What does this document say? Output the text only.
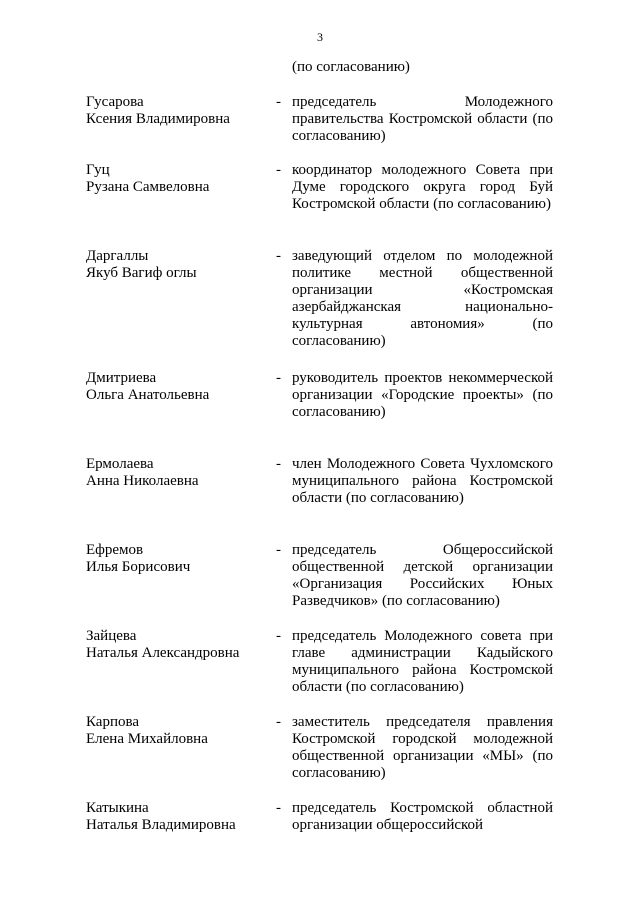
3
(по согласованию)
Гусарова
Ксения Владимировна
- председатель Молодежного правительства Костромской области (по согласованию)
Гуц
Рузана Самвеловна
- координатор молодежного Совета при Думе городского округа город Буй Костромской области (по согласованию)
Даргаллы
Якуб Вагиф оглы
- заведующий отделом по молодежной политике местной общественной организации «Костромская азербайджанская национально-культурная автономия» (по согласованию)
Дмитриева
Ольга Анатольевна
- руководитель проектов некоммерческой организации «Городские проекты» (по согласованию)
Ермолаева
Анна Николаевна
- член Молодежного Совета Чухломского муниципального района Костромской области (по согласованию)
Ефремов
Илья Борисович
- председатель Общероссийской общественной детской организации «Организация Российских Юных Разведчиков» (по согласованию)
Зайцева
Наталья Александровна
- председатель Молодежного совета при главе администрации Кадыйского муниципального района Костромской области (по согласованию)
Карпова
Елена Михайловна
- заместитель председателя правления Костромской городской молодежной общественной организации «МЫ» (по согласованию)
Катыкина
Наталья Владимировна
- председатель Костромской областной организации общероссийской
